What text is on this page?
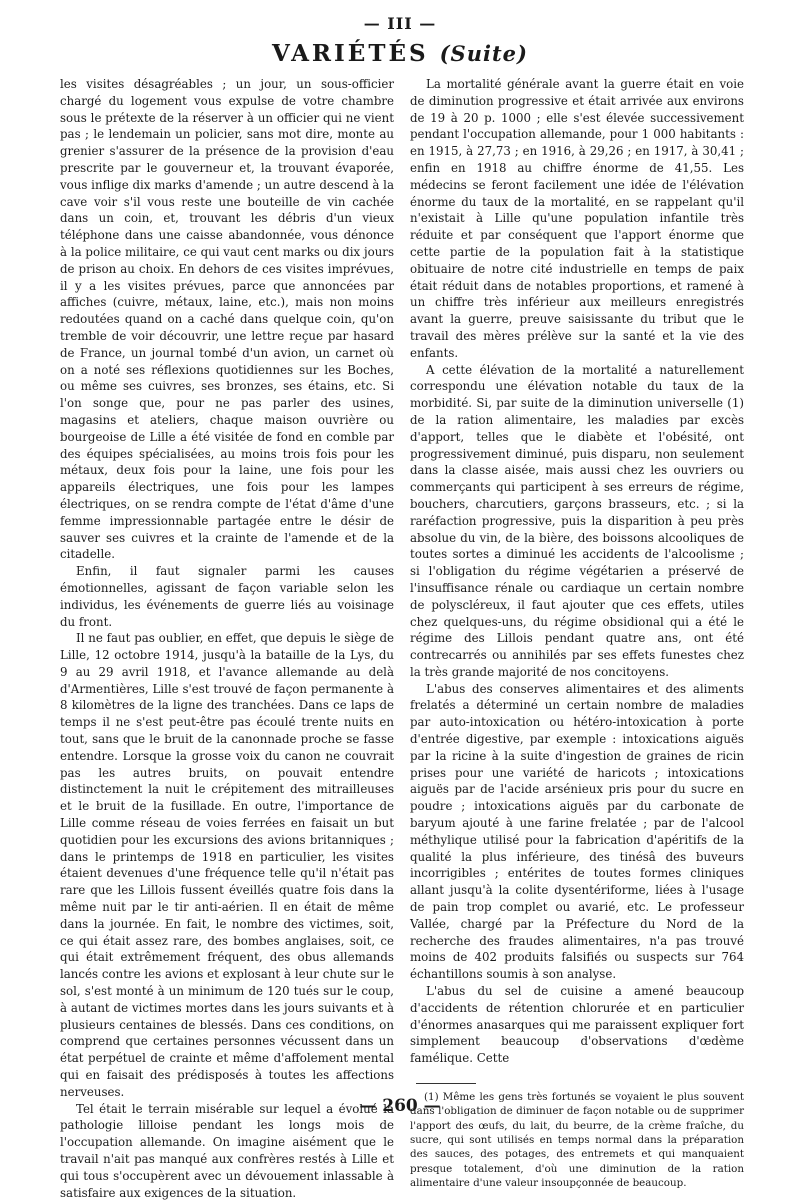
— III —
VARIÉTÉS (Suite)

les visites désagréables ; un jour, un sous-officier chargé du logement vous expulse de votre chambre sous le prétexte de la réserver à un officier qui ne vient pas ; le lendemain un policier, sans mot dire, monte au grenier s'assurer de la présence de la provision d'eau prescrite par le gouverneur et, la trouvant évaporée, vous inflige dix marks d'amende ; un autre descend à la cave voir s'il vous reste une bouteille de vin cachée dans un coin, et, trouvant les débris d'un vieux téléphone dans une caisse abandonnée, vous dénonce à la police militaire, ce qui vaut cent marks ou dix jours de prison au choix. En dehors de ces visites imprévues, il y a les visites prévues, parce que annoncées par affiches (cuivre, métaux, laine, etc.), mais non moins redoutées quand on a caché dans quelque coin, qu'on tremble de voir découvrir, une lettre reçue par hasard de France, un journal tombé d'un avion, un carnet où on a noté ses réflexions quotidiennes sur les Boches, ou même ses cuivres, ses bronzes, ses étains, etc. Si l'on songe que, pour ne pas parler des usines, magasins et ateliers, chaque maison ouvrière ou bourgeoise de Lille a été visitée de fond en comble par des équipes spécialisées, au moins trois fois pour les métaux, deux fois pour la laine, une fois pour les appareils électriques, une fois pour les lampes électriques, on se rendra compte de l'état d'âme d'une femme impressionnable partagée entre le désir de sauver ses cuivres et la crainte de l'amende et de la citadelle.

Enfin, il faut signaler parmi les causes émotionnelles, agissant de façon variable selon les individus, les événements de guerre liés au voisinage du front.

Il ne faut pas oublier, en effet, que depuis le siège de Lille, 12 octobre 1914, jusqu'à la bataille de la Lys, du 9 au 29 avril 1918, et l'avance allemande au delà d'Armentières, Lille s'est trouvé de façon permanente à 8 kilomètres de la ligne des tranchées. Dans ce laps de temps il ne s'est peut-être pas écoulé trente nuits en tout, sans que le bruit de la canonnade proche se fasse entendre. Lorsque la grosse voix du canon ne couvrait pas les autres bruits, on pouvait entendre distinctement la nuit le crépitement des mitrailleuses et le bruit de la fusillade. En outre, l'importance de Lille comme réseau de voies ferrées en faisait un but quotidien pour les excursions des avions britanniques ; dans le printemps de 1918 en particulier, les visites étaient devenues d'une fréquence telle qu'il n'était pas rare que les Lillois fussent éveillés quatre fois dans la même nuit par le tir anti-aérien. Il en était de même dans la journée. En fait, le nombre des victimes, soit, ce qui était assez rare, des bombes anglaises, soit, ce qui était extrêmement fréquent, des obus allemands lancés contre les avions et explosant à leur chute sur le sol, s'est monté à un minimum de 120 tués sur le coup, à autant de victimes mortes dans les jours suivants et à plusieurs centaines de blessés. Dans ces conditions, on comprend que certaines personnes vécussent dans un état perpétuel de crainte et même d'affolement mental qui en faisait des prédisposés à toutes les affections nerveuses.

Tel était le terrain misérable sur lequel a évolué la pathologie lilloise pendant les longs mois de l'occupation allemande. On imagine aisément que le travail n'ait pas manqué aux confrères restés à Lille et qui tous s'occupèrent avec un dévouement inlassable à satisfaire aux exigences de la situation.

La mortalité générale avant la guerre était en voie de diminution progressive et était arrivée aux environs de 19 à 20 p. 1000 ; elle s'est élevée successivement pendant l'occupation allemande, pour 1 000 habitants : en 1915, à 27,73 ; en 1916, à 29,26 ; en 1917, à 30,41 ; enfin en 1918 au chiffre énorme de 41,55. Les médecins se feront facilement une idée de l'élévation énorme du taux de la mortalité, en se rappelant qu'il n'existait à Lille qu'une population infantile très réduite et par conséquent que l'apport énorme que cette partie de la population fait à la statistique obituaire de notre cité industrielle en temps de paix était réduit dans de notables proportions, et ramené à un chiffre très inférieur aux meilleurs enregistrés avant la guerre, preuve saisissante du tribut que le travail des mères prélève sur la santé et la vie des enfants.

A cette élévation de la mortalité a naturellement correspondu une élévation notable du taux de la morbidité. Si, par suite de la diminution universelle (1) de la ration alimentaire, les maladies par excès d'apport, telles que le diabète et l'obésité, ont progressivement diminué, puis disparu, non seulement dans la classe aisée, mais aussi chez les ouvriers ou commerçants qui participent à ses erreurs de régime, bouchers, charcutiers, garçons brasseurs, etc. ; si la raréfaction progressive, puis la disparition à peu près absolue du vin, de la bière, des boissons alcooliques de toutes sortes a diminué les accidents de l'alcoolisme ; si l'obligation du régime végétarien a préservé de l'insuffisance rénale ou cardiaque un certain nombre de polyscléreux, il faut ajouter que ces effets, utiles chez quelques-uns, du régime obsidional qui a été le régime des Lillois pendant quatre ans, ont été contrecarrés ou annihilés par ses effets funestes chez la très grande majorité de nos concitoyens.

L'abus des conserves alimentaires et des aliments frelatés a déterminé un certain nombre de maladies par auto-intoxication ou hétéro-intoxication à porte d'entrée digestive, par exemple : intoxications aiguës par la ricine à la suite d'ingestion de graines de ricin prises pour une variété de haricots ; intoxications aiguës par de l'acide arsénieux pris pour du sucre en poudre ; intoxications aiguës par du carbonate de baryum ajouté à une farine frelatée ; par de l'alcool méthylique utilisé pour la fabrication d'apéritifs de la qualité la plus inférieure, des tinésâ des buveurs incorrigibles ; entérites de toutes formes cliniques allant jusqu'à la colite dysentériforme, liées à l'usage de pain trop complet ou avarié, etc. Le professeur Vallée, chargé par la Préfecture du Nord de la recherche des fraudes alimentaires, n'a pas trouvé moins de 402 produits falsifiés ou suspects sur 764 échantillons soumis à son analyse.

L'abus du sel de cuisine a amené beaucoup d'accidents de rétention chlorurée et en particulier d'énormes anasarques qui me paraissent expliquer fort simplement beaucoup d'observations d'œdème famélique. Cette

(1) Même les gens très fortunés se voyaient le plus souvent dans l'obligation de diminuer de façon notable ou de supprimer l'apport des œufs, du lait, du beurre, de la crème fraîche, du sucre, qui sont utilisés en temps normal dans la préparation des sauces, des potages, des entremets et qui manquaient presque totalement, d'où une diminution de la ration alimentaire d'une valeur insoupçonnée de beaucoup.

— 260 —
